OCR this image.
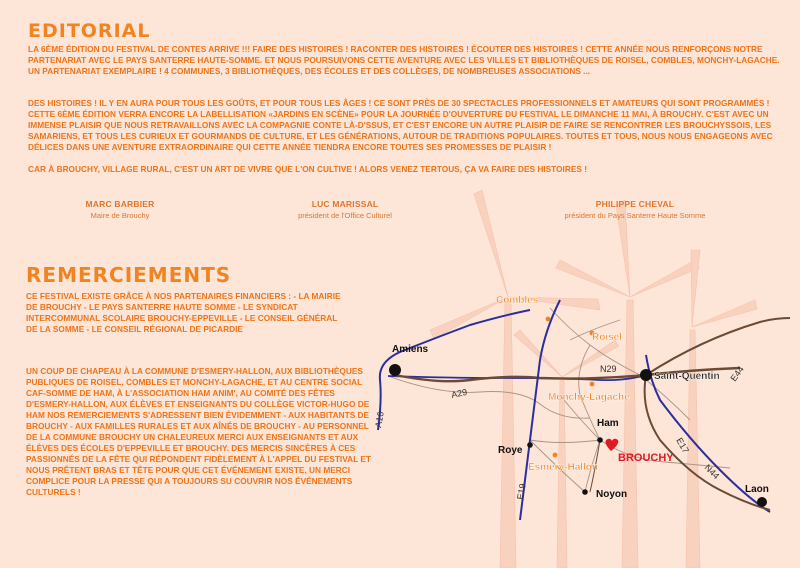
Amiens
Combles
Roisel
Saint-Quentin
Monchy-Lagache
Ham
Roye
BROUCHY
Esmery-Hallon
Noyon	Laon
A16
A29
N29	E44
E17
N44
E19
EDITORIAL

LA 6ÈME ÉDITION DU FESTIVAL DE CONTES ARRIVE !!! FAIRE DES HISTOIRES ! RACONTER DES HISTOIRES ! ÉCOUTER DES HISTOIRES ! CETTE ANNÉE NOUS RENFORÇONS NOTRE PARTENARIAT AVEC LE PAYS SANTERRE HAUTE-SOMME. ET NOUS POURSUIVONS CETTE AVENTURE AVEC LES VILLES ET BIBLIOTHÈQUES DE ROISEL, COMBLES, MONCHY-LAGACHE. UN PARTENARIAT EXEMPLAIRE ! 4 COMMUNES, 3 BIBLIOTHÈQUES, DES ÉCOLES ET DES COLLÈGES, DE NOMBREUSES ASSOCIATIONS ...

DES HISTOIRES ! IL Y EN AURA POUR TOUS LES GOÛTS, ET POUR TOUS LES ÂGES ! CE SONT PRÈS DE 30 SPECTACLES PROFESSIONNELS ET AMATEURS QUI SONT PROGRAMMÉS ! CETTE 6ÈME ÉDITION VERRA ENCORE LA LABELLISATION «JARDINS EN SCÈNE» POUR LA JOURNÉE D'OUVERTURE DU FESTIVAL LE DIMANCHE 11 MAI, À BROUCHY. C'EST AVEC UN IMMENSE PLAISIR QUE NOUS RETRAVAILLONS AVEC LA COMPAGNIE CONTE LÀ-D'SSUS, ET C'EST ENCORE UN AUTRE PLAISIR DE FAIRE SE RENCONTRER LES BROUCHYSSOIS, LES SAMARIENS, ET TOUS LES CURIEUX ET GOURMANDS DE CULTURE, ET LES GÉNÉRATIONS, AUTOUR DE TRADITIONS POPULAIRES. TOUTES ET TOUS, NOUS NOUS ENGAGEONS AVEC DÉLICES DANS UNE AVENTURE EXTRAORDINAIRE QUI CETTE ANNÉE TIENDRA ENCORE TOUTES SES PROMESSES DE PLAISIR !

CAR À BROUCHY, VILLAGE RURAL, C'EST UN ART DE VIVRE QUE L'ON CULTIVE ! ALORS VENEZ TERTOUS, ÇA VA FAIRE DES HISTOIRES !

MARC BARBIER
Maire de Brouchy
LUC MARISSAL
président de l'Office Culturel
PHILIPPE CHEVAL
président du Pays Santerre Haute Somme
REMERCIEMENTS

CE FESTIVAL EXISTE GRÂCE À NOS PARTENAIRES FINANCIERS : - LA MAIRIE DE BROUCHY - LE PAYS SANTERRE HAUTE SOMME - LE SYNDICAT INTERCOMMUNAL SCOLAIRE BROUCHY-EPPEVILLE - LE CONSEIL GÉNÉRAL DE LA SOMME - LE CONSEIL RÉGIONAL DE PICARDIE

UN COUP DE CHAPEAU À LA COMMUNE D'ESMERY-HALLON, AUX BIBLIOTHÈQUES PUBLIQUES DE ROISEL, COMBLES ET MONCHY-LAGACHE, ET AU CENTRE SOCIAL CAF-SOMME DE HAM, À L'ASSOCIATION HAM ANIM', AU COMITÉ DES FÊTES D'ESMERY-HALLON, AUX ÉLÈVES ET ENSEIGNANTS DU COLLÈGE VICTOR-HUGO DE HAM NOS REMERCIEMENTS S'ADRESSENT BIEN ÉVIDEMMENT - AUX HABITANTS DE BROUCHY - AUX FAMILLES RURALES ET AUX AÎNÉS DE BROUCHY - AU PERSONNEL DE LA COMMUNE BROUCHY UN CHALEUREUX MERCI AUX ENSEIGNANTS ET AUX ÉLÈVES DES ÉCOLES D'EPPEVILLE ET BROUCHY. DES MERCIS SINCÈRES À CES PASSIONNÉS DE LA FÊTE QUI RÉPONDENT FIDÈLEMENT À L'APPEL DU FESTIVAL ET NOUS PRÊTENT BRAS ET TÊTE POUR QUE CET ÉVÉNEMENT EXISTE, UN MERCI COMPLICE POUR LA PRESSE QUI A TOUJOURS SU COUVRIR NOS ÉVÉNEMENTS CULTURELS !
